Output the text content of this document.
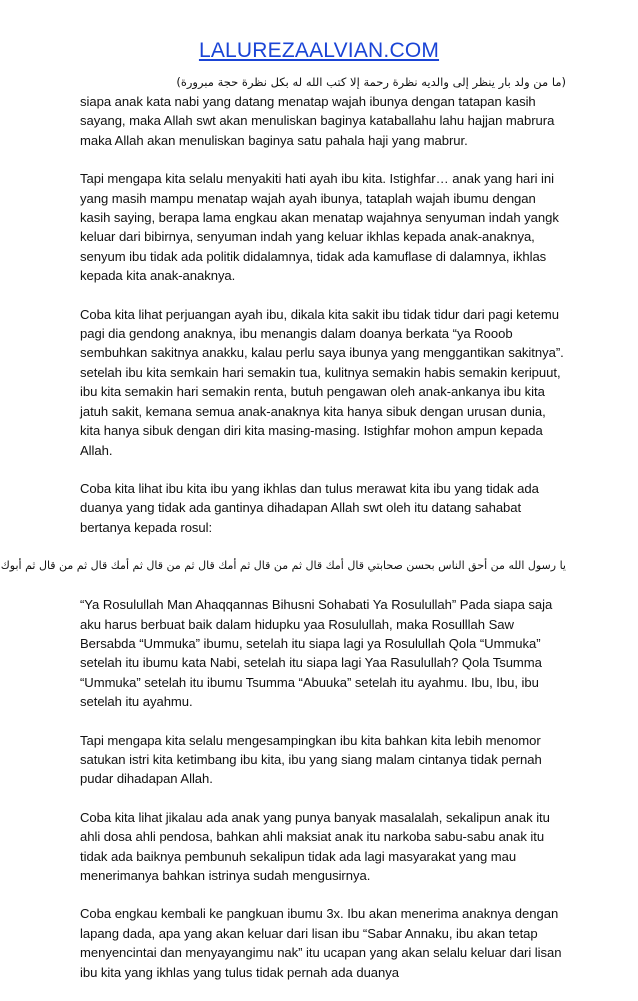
LALUREZAALVIAN.COM

(ما من ولد بار ينظر إلى والديه نظرة رحمة إلا كتب الله له بكل نظرة حجة مبرورة)

siapa anak kata nabi yang datang menatap wajah ibunya dengan tatapan kasih sayang, maka Allah swt akan menuliskan baginya kataballahu lahu hajjan mabrura maka Allah akan menuliskan baginya satu pahala haji yang mabrur.

Tapi mengapa kita selalu menyakiti hati ayah ibu kita. Istighfar… anak yang hari ini yang masih mampu menatap wajah ayah ibunya, tataplah wajah ibumu dengan kasih saying, berapa lama engkau akan menatap wajahnya senyuman indah yangk keluar dari bibirnya, senyuman indah yang keluar ikhlas kepada anak-anaknya, senyum ibu tidak ada politik didalamnya, tidak ada kamuflase di dalamnya, ikhlas kepada kita anak-anaknya.

Coba kita lihat perjuangan ayah ibu, dikala kita sakit ibu tidak tidur dari pagi ketemu pagi dia gendong anaknya, ibu menangis dalam doanya berkata “ya Rooob sembuhkan sakitnya anakku, kalau perlu saya ibunya yang menggantikan sakitnya”. setelah ibu kita semkain hari semakin tua, kulitnya semakin habis semakin keripuut, ibu kita semakin hari semakin renta, butuh pengawan oleh anak-ankanya ibu kita jatuh sakit, kemana semua anak-anaknya kita hanya sibuk dengan urusan dunia, kita hanya sibuk dengan diri kita masing-masing. Istighfar mohon ampun kepada Allah.

Coba kita lihat ibu kita ibu yang ikhlas dan tulus merawat kita ibu yang tidak ada duanya yang tidak ada gantinya dihadapan Allah swt oleh itu datang sahabat bertanya kepada rosul:

يا رسول الله من أحق الناس بحسن صحابتي قال أمك قال ثم من قال ثم أمك قال ثم من قال ثم أمك قال ثم من قال ثم أبوك

“Ya Rosulullah Man Ahaqqannas Bihusni Sohabati Ya Rosulullah” Pada siapa saja aku harus berbuat baik dalam hidupku yaa Rosulullah, maka Rosulllah Saw Bersabda “Ummuka” ibumu, setelah itu siapa lagi ya Rosulullah Qola “Ummuka” setelah itu ibumu kata Nabi, setelah itu siapa lagi Yaa Rasulullah? Qola Tsumma “Ummuka” setelah itu ibumu Tsumma “Abuuka” setelah itu ayahmu. Ibu, Ibu, ibu setelah itu ayahmu.

Tapi mengapa kita selalu mengesampingkan ibu kita bahkan kita lebih menomor satukan istri kita ketimbang ibu kita, ibu yang siang malam cintanya tidak pernah pudar dihadapan Allah.

Coba kita lihat jikalau ada anak yang punya banyak masalalah, sekalipun anak itu ahli dosa ahli pendosa, bahkan ahli maksiat anak itu narkoba sabu-sabu anak itu tidak ada baiknya pembunuh sekalipun tidak ada lagi masyarakat yang mau menerimanya bahkan istrinya sudah mengusirnya.

Coba engkau kembali ke pangkuan ibumu 3x. Ibu akan menerima anaknya dengan lapang dada, apa yang akan keluar dari lisan ibu “Sabar Annaku, ibu akan tetap menyencintai dan menyayangimu nak” itu ucapan yang akan selalu keluar dari lisan ibu kita yang ikhlas yang tulus tidak pernah ada duanya
